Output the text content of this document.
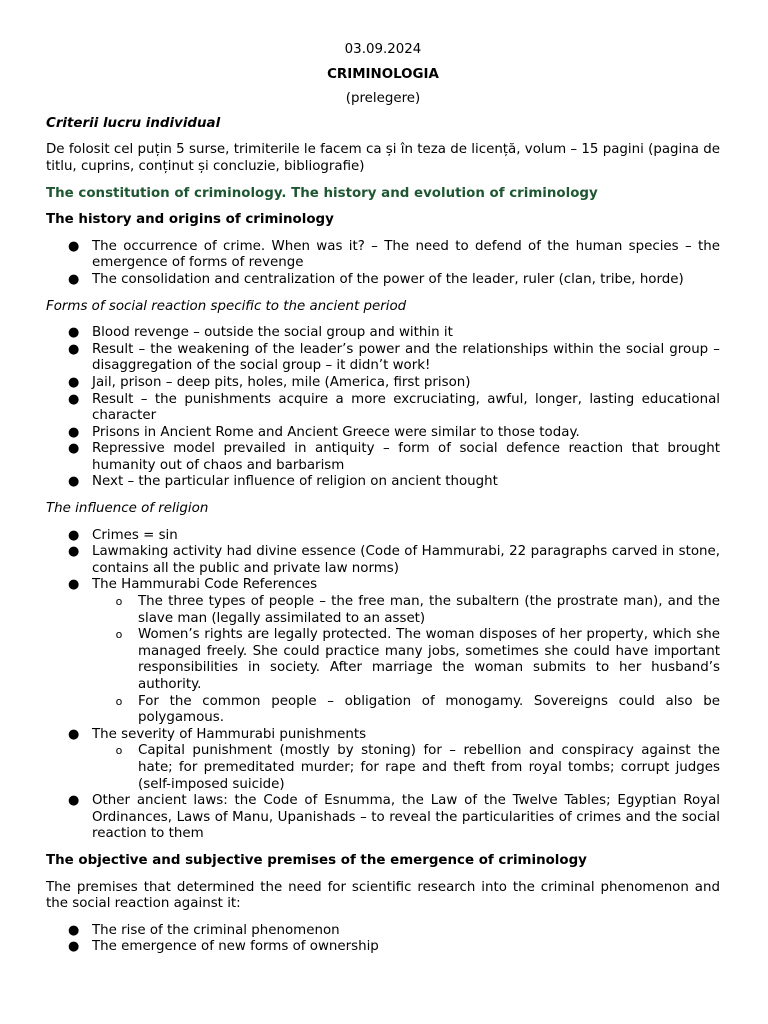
03.09.2024
CRIMINOLOGIA
(prelegere)
Criterii lucru individual

De folosit cel puțin 5 surse, trimiterile le facem ca și în teza de licență, volum – 15 pagini (pagina de titlu, cuprins, conținut și concluzie, bibliografie)

The constitution of criminology. The history and evolution of criminology
The history and origins of criminology
● The occurrence of crime. When was it? – The need to defend of the human species – the emergence of forms of revenge
● The consolidation and centralization of the power of the leader, ruler (clan, tribe, horde)
Forms of social reaction specific to the ancient period
● Blood revenge – outside the social group and within it
● Result – the weakening of the leader’s power and the relationships within the social group – disaggregation of the social group – it didn’t work!
● Jail, prison – deep pits, holes, mile (America, first prison)
● Result – the punishments acquire a more excruciating, awful, longer, lasting educational character
● Prisons in Ancient Rome and Ancient Greece were similar to those today.
● Repressive model prevailed in antiquity – form of social defence reaction that brought humanity out of chaos and barbarism
● Next – the particular influence of religion on ancient thought
The influence of religion
● Crimes = sin
● Lawmaking activity had divine essence (Code of Hammurabi, 22 paragraphs carved in stone, contains all the public and private law norms)
● The Hammurabi Code References
o The three types of people – the free man, the subaltern (the prostrate man), and the slave man (legally assimilated to an asset)
o Women’s rights are legally protected. The woman disposes of her property, which she managed freely. She could practice many jobs, sometimes she could have important responsibilities in society. After marriage the woman submits to her husband’s authority.
o For the common people – obligation of monogamy. Sovereigns could also be polygamous.
● The severity of Hammurabi punishments
o Capital punishment (mostly by stoning) for – rebellion and conspiracy against the hate; for premeditated murder; for rape and theft from royal tombs; corrupt judges (self-imposed suicide)
● Other ancient laws: the Code of Esnumma, the Law of the Twelve Tables; Egyptian Royal Ordinances, Laws of Manu, Upanishads – to reveal the particularities of crimes and the social reaction to them
The objective and subjective premises of the emergence of criminology

The premises that determined the need for scientific research into the criminal phenomenon and the social reaction against it:

● The rise of the criminal phenomenon
● The emergence of new forms of ownership
